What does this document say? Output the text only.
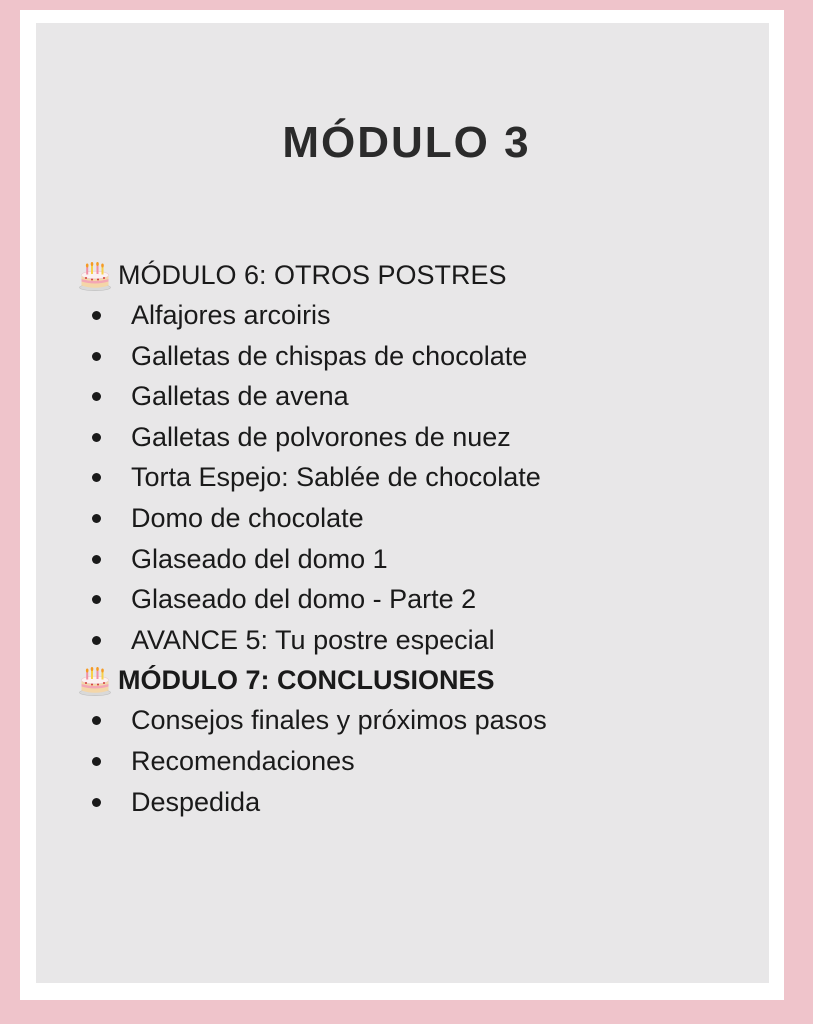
MÓDULO 3
MÓDULO 6: OTROS POSTRES
Alfajores arcoiris
Galletas de chispas de chocolate
Galletas de avena
Galletas de polvorones de nuez
Torta Espejo: Sablée de chocolate
Domo de chocolate
Glaseado del domo 1
Glaseado del domo - Parte 2
AVANCE 5: Tu postre especial
MÓDULO 7: CONCLUSIONES
Consejos finales y próximos pasos
Recomendaciones
Despedida
